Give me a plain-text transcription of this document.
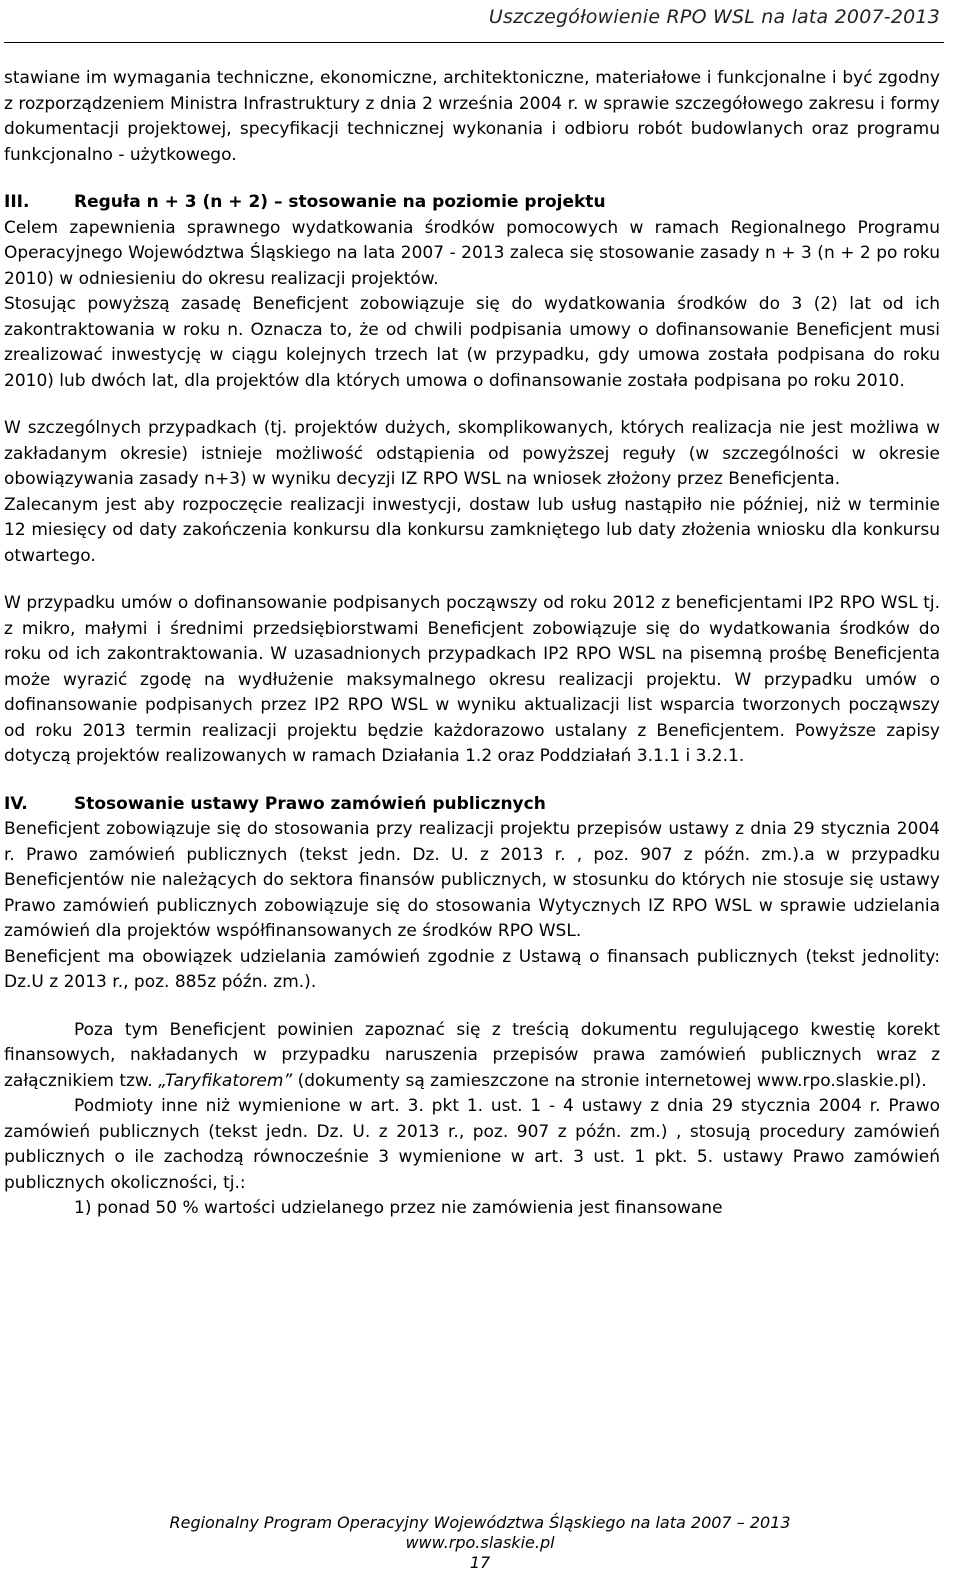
Uszczegółowienie RPO WSL na lata 2007-2013

stawiane im wymagania techniczne, ekonomiczne, architektoniczne, materiałowe i funkcjonalne i być zgodny z rozporządzeniem Ministra Infrastruktury z dnia 2 września 2004 r. w sprawie szczegółowego zakresu i formy dokumentacji projektowej, specyfikacji technicznej wykonania i odbioru robót budowlanych oraz programu funkcjonalno - użytkowego.

III.	Reguła n + 3 (n + 2) – stosowanie na poziomie projektu

Celem zapewnienia sprawnego wydatkowania środków pomocowych w ramach Regionalnego Programu Operacyjnego Województwa Śląskiego na lata 2007 - 2013 zaleca się stosowanie zasady n + 3 (n + 2 po roku 2010) w odniesieniu do okresu realizacji projektów.

Stosując powyższą zasadę Beneficjent zobowiązuje się do wydatkowania środków do 3 (2) lat od ich zakontraktowania w roku n. Oznacza to, że od chwili podpisania umowy o dofinansowanie Beneficjent musi zrealizować inwestycję w ciągu kolejnych trzech lat (w przypadku, gdy umowa została podpisana do roku 2010) lub dwóch lat, dla projektów dla których umowa o dofinansowanie została podpisana po roku 2010.

W szczególnych przypadkach (tj. projektów dużych, skomplikowanych, których realizacja nie jest możliwa w zakładanym okresie) istnieje możliwość odstąpienia od powyższej reguły (w szczególności w okresie obowiązywania zasady n+3) w wyniku decyzji IZ RPO WSL na wniosek złożony przez Beneficjenta.

Zalecanym jest aby rozpoczęcie realizacji inwestycji, dostaw lub usług nastąpiło nie później, niż w terminie 12 miesięcy od daty zakończenia konkursu dla konkursu zamkniętego lub daty złożenia wniosku dla konkursu otwartego.

W przypadku umów o dofinansowanie podpisanych począwszy od roku 2012 z beneficjentami IP2 RPO WSL tj. z mikro, małymi i średnimi przedsiębiorstwami Beneficjent zobowiązuje się do wydatkowania środków do roku od ich zakontraktowania. W uzasadnionych przypadkach IP2 RPO WSL na pisemną prośbę Beneficjenta może wyrazić zgodę na wydłużenie maksymalnego okresu realizacji projektu. W przypadku umów o dofinansowanie podpisanych przez IP2 RPO WSL w wyniku aktualizacji list wsparcia tworzonych począwszy od roku 2013 termin realizacji projektu będzie każdorazowo ustalany z Beneficjentem. Powyższe zapisy dotyczą projektów realizowanych w ramach Działania 1.2 oraz Poddziałań 3.1.1 i 3.2.1.

IV.	Stosowanie ustawy Prawo zamówień publicznych

Beneficjent zobowiązuje się do stosowania przy realizacji projektu przepisów ustawy z dnia 29 stycznia 2004 r. Prawo zamówień publicznych (tekst jedn. Dz. U. z 2013 r. , poz. 907 z późn. zm.).a w przypadku Beneficjentów nie należących do sektora finansów publicznych, w stosunku do których nie stosuje się ustawy Prawo zamówień publicznych zobowiązuje się do stosowania Wytycznych IZ RPO WSL w sprawie udzielania zamówień dla projektów współfinansowanych ze środków RPO WSL.

Beneficjent ma obowiązek udzielania zamówień zgodnie z Ustawą o finansach publicznych (tekst jednolity: Dz.U z 2013 r., poz. 885z późn. zm.).

Poza tym Beneficjent powinien zapoznać się z treścią dokumentu regulującego kwestię korekt finansowych, nakładanych w przypadku naruszenia przepisów prawa zamówień publicznych wraz z załącznikiem tzw. „Taryfikatorem” (dokumenty są zamieszczone na stronie internetowej www.rpo.slaskie.pl).

Podmioty inne niż wymienione w art. 3. pkt 1. ust. 1 - 4 ustawy z dnia 29 stycznia 2004 r. Prawo zamówień publicznych (tekst jedn. Dz. U. z 2013 r., poz. 907 z późn. zm.) , stosują procedury zamówień publicznych o ile zachodzą równocześnie 3 wymienione w art. 3 ust. 1 pkt. 5. ustawy Prawo zamówień publicznych okoliczności, tj.:

1) ponad 50 % wartości udzielanego przez nie zamówienia jest finansowane

Regionalny Program Operacyjny Województwa Śląskiego na lata 2007 – 2013
www.rpo.slaskie.pl
17
